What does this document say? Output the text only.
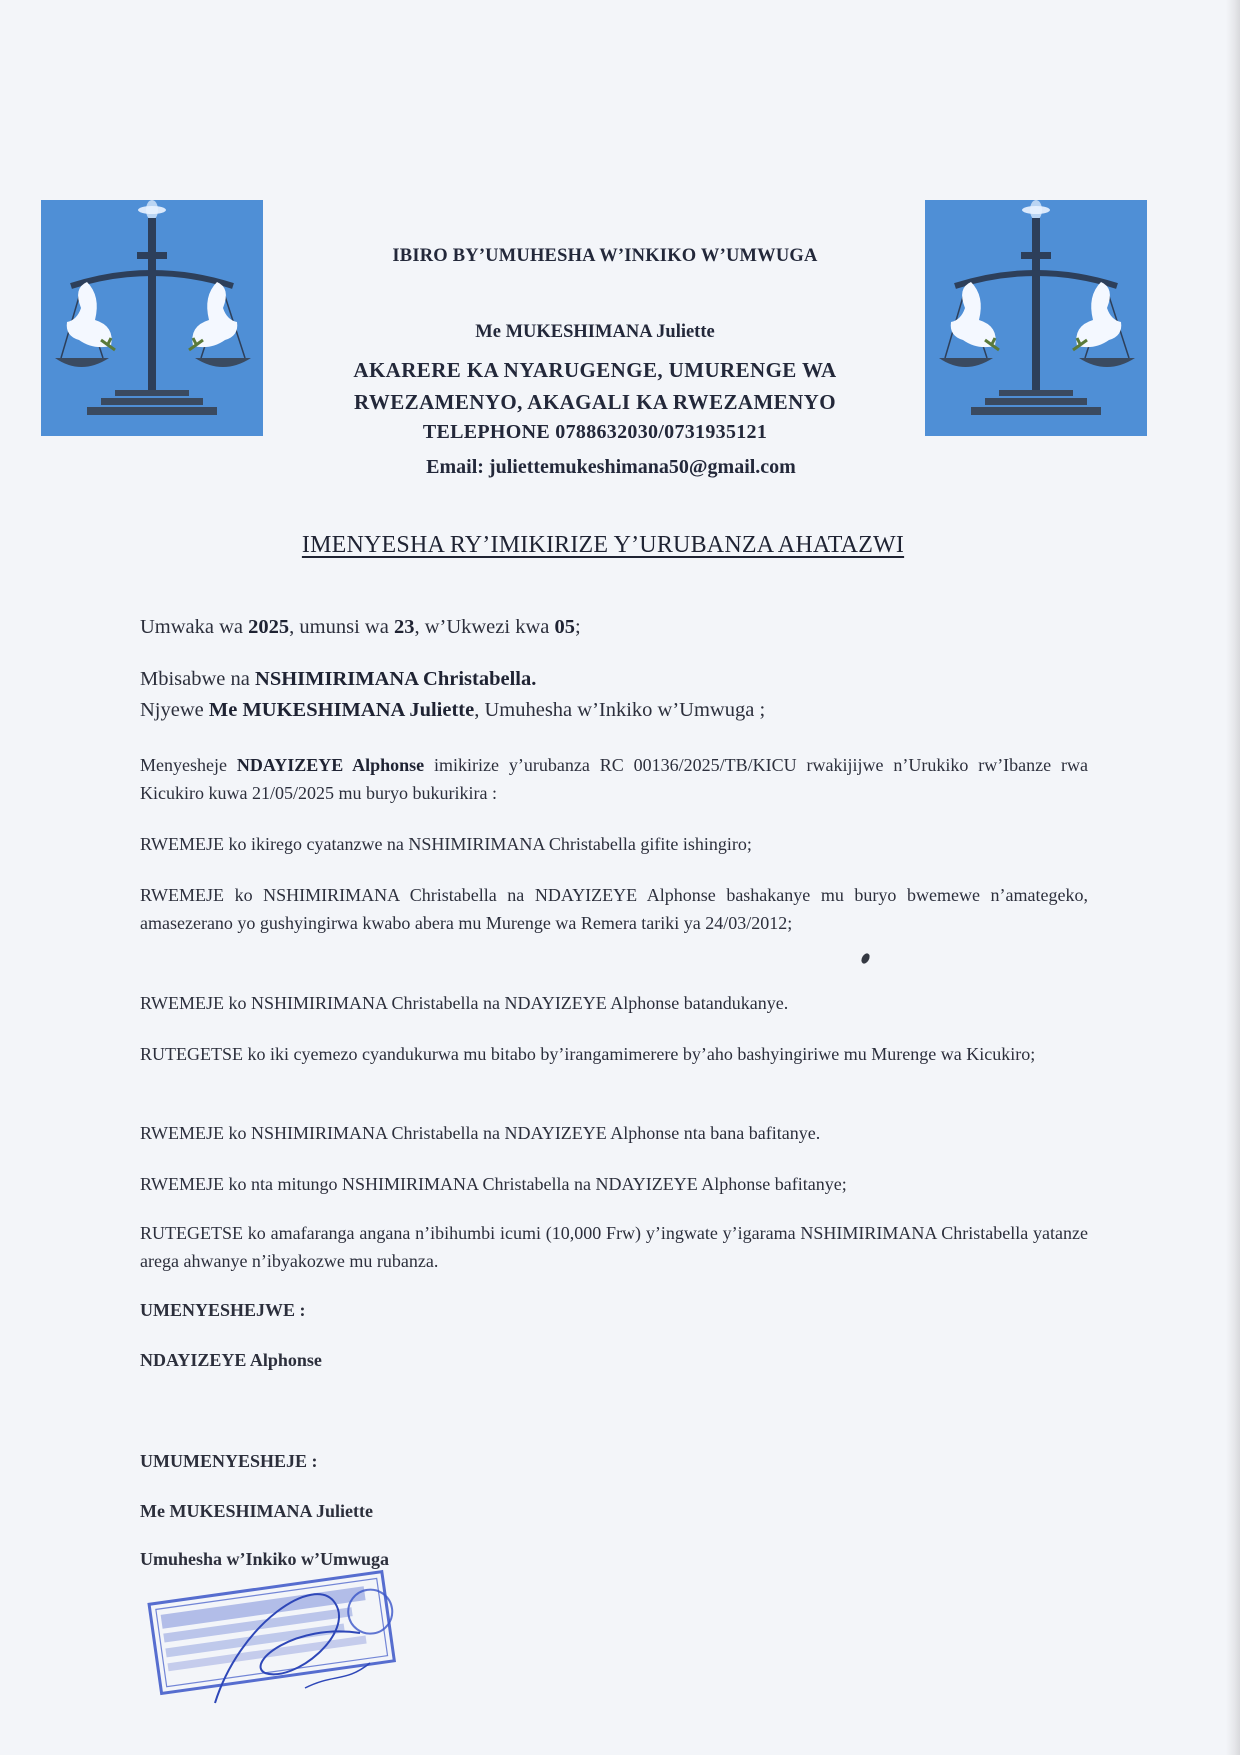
IBIRO BY’UMUHESHA W’INKIKO W’UMWUGA
Me MUKESHIMANA Juliette
AKARERE KA NYARUGENGE, UMURENGE WA
RWEZAMENYO, AKAGALI KA RWEZAMENYO
TELEPHONE 0788632030/0731935121
Email: juliettemukeshimana50@gmail.com
IMENYESHA RY’IMIKIRIZE Y’URUBANZA AHATAZWI
Umwaka wa 2025, umunsi wa 23, w’Ukwezi kwa 05;
Mbisabwe na NSHIMIRIMANA Christabella.
Njyewe Me MUKESHIMANA Juliette, Umuhesha w’Inkiko w’Umwuga ;
Menyesheje NDAYIZEYE Alphonse imikirize y’urubanza RC 00136/2025/TB/KICU rwakijijwe n’Urukiko rw’Ibanze rwa Kicukiro kuwa 21/05/2025 mu buryo bukurikira :
RWEMEJE ko ikirego cyatanzwe na NSHIMIRIMANA Christabella gifite ishingiro;
RWEMEJE ko NSHIMIRIMANA Christabella na NDAYIZEYE Alphonse bashakanye mu buryo bwemewe n’amategeko, amasezerano yo gushyingirwa kwabo abera mu Murenge wa Remera tariki ya 24/03/2012;
RWEMEJE ko NSHIMIRIMANA Christabella na NDAYIZEYE Alphonse batandukanye.
RUTEGETSE ko iki cyemezo cyandukurwa mu bitabo by’irangamimerere by’aho bashyingiriwe mu Murenge wa Kicukiro;
RWEMEJE ko NSHIMIRIMANA Christabella na NDAYIZEYE Alphonse nta bana bafitanye.
RWEMEJE ko nta mitungo NSHIMIRIMANA Christabella na NDAYIZEYE Alphonse bafitanye;
RUTEGETSE ko amafaranga angana n’ibihumbi icumi (10,000 Frw) y’ingwate y’igarama NSHIMIRIMANA Christabella yatanze arega ahwanye n’ibyakozwe mu rubanza.
UMENYESHEJWE :
NDAYIZEYE Alphonse
UMUMENYESHEJE :
Me MUKESHIMANA Juliette
Umuhesha w’Inkiko w’Umwuga
